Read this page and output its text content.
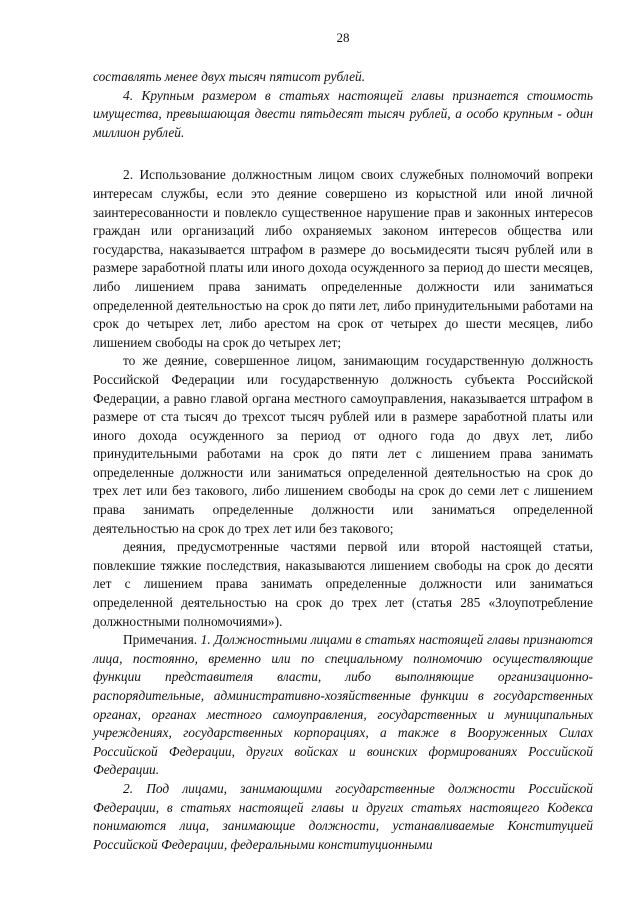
28

составлять менее двух тысяч пятисот рублей.

4. Крупным размером в статьях настоящей главы признается стоимость имущества, превышающая двести пятьдесят тысяч рублей, а особо крупным - один миллион рублей.

2. Использование должностным лицом своих служебных полномочий вопреки интересам службы, если это деяние совершено из корыстной или иной личной заинтересованности и повлекло существенное нарушение прав и законных интересов граждан или организаций либо охраняемых законом интересов общества или государства, наказывается штрафом в размере до восьмидесяти тысяч рублей или в размере заработной платы или иного дохода осужденного за период до шести месяцев, либо лишением права занимать определенные должности или заниматься определенной деятельностью на срок до пяти лет, либо принудительными работами на срок до четырех лет, либо арестом на срок от четырех до шести месяцев, либо лишением свободы на срок до четырех лет;

то же деяние, совершенное лицом, занимающим государственную должность Российской Федерации или государственную должность субъекта Российской Федерации, а равно главой органа местного самоуправления, наказывается штрафом в размере от ста тысяч до трехсот тысяч рублей или в размере заработной платы или иного дохода осужденного за период от одного года до двух лет, либо принудительными работами на срок до пяти лет с лишением права занимать определенные должности или заниматься определенной деятельностью на срок до трех лет или без такового, либо лишением свободы на срок до семи лет с лишением права занимать определенные должности или заниматься определенной деятельностью на срок до трех лет или без такового;

деяния, предусмотренные частями первой или второй настоящей статьи, повлекшие тяжкие последствия, наказываются лишением свободы на срок до десяти лет с лишением права занимать определенные должности или заниматься определенной деятельностью на срок до трех лет (статья 285 «Злоупотребление должностными полномочиями»).

Примечания. 1. Должностными лицами в статьях настоящей главы признаются лица, постоянно, временно или по специальному полномочию осуществляющие функции представителя власти, либо выполняющие организационно-распорядительные, административно-хозяйственные функции в государственных органах, органах местного самоуправления, государственных и муниципальных учреждениях, государственных корпорациях, а также в Вооруженных Силах Российской Федерации, других войсках и воинских формированиях Российской Федерации.

2. Под лицами, занимающими государственные должности Российской Федерации, в статьях настоящей главы и других статьях настоящего Кодекса понимаются лица, занимающие должности, устанавливаемые Конституцией Российской Федерации, федеральными конституционными
